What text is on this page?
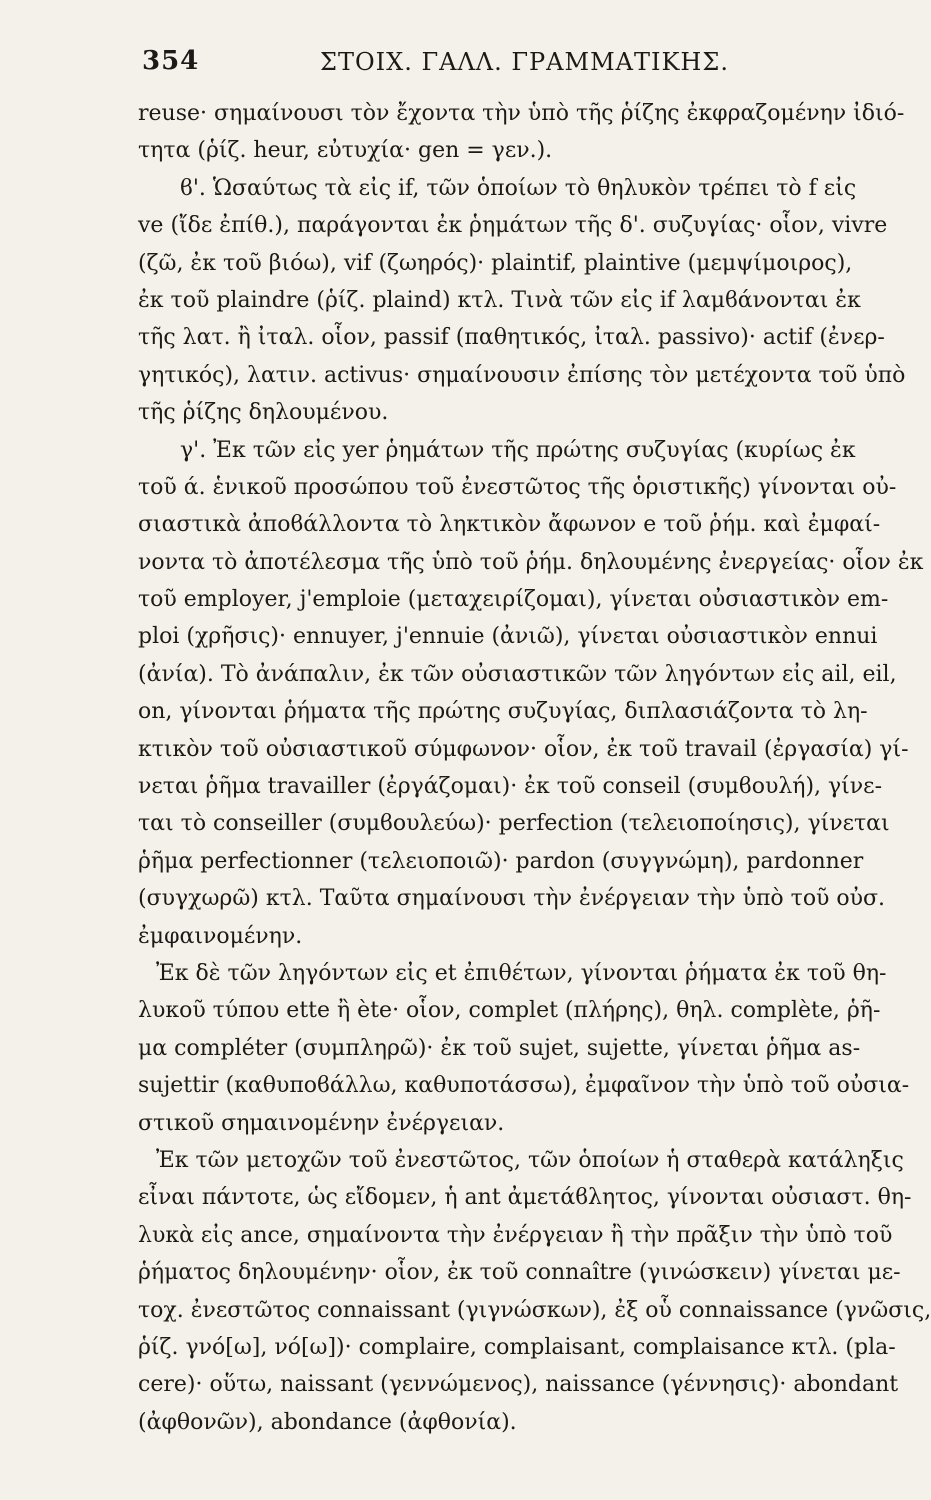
354	ΣΤΟΙΧ. ΓΑΛΛ. ΓΡΑΜΜΑΤΙΚΗΣ.
reuse· σημαίνουσι τὸν ἔχοντα τὴν ὑπὸ τῆς ῥίζης ἐκφραζομένην ἰδιό-
τητα (ῥίζ. heur, εὐτυχία· gen = γεν.).
ϐ'. Ὡσαύτως τὰ εἰς if, τῶν ὁποίων τὸ θηλυκὸν τρέπει τὸ f εἰς
ve (ἴδε ἐπίθ.), παράγονται ἐκ ῥημάτων τῆς δ'. συζυγίας· οἷον, vivre
(ζῶ, ἐκ τοῦ βιόω), vif (ζωηρός)· plaintif, plaintive (μεμψίμοιρος),
ἐκ τοῦ plaindre (ῥίζ. plaind) κτλ. Τινὰ τῶν εἰς if λαμϐάνονται ἐκ
τῆς λατ. ἢ ἰταλ. οἷον, passif (παθητικός, ἰταλ. passivo)· actif (ἐνερ-
γητικός), λατιν. activus· σημαίνουσιν ἐπίσης τὸν μετέχοντα τοῦ ὑπὸ
τῆς ῥίζης δηλουμένου.
γ'. Ἐκ τῶν εἰς yer ῥημάτων τῆς πρώτης συζυγίας (κυρίως ἐκ
τοῦ ά. ἑνικοῦ προσώπου τοῦ ἐνεστῶτος τῆς ὁριστικῆς) γίνονται οὐ-
σιαστικὰ ἀποϐάλλοντα τὸ ληκτικὸν ἄφωνον e τοῦ ῥήμ. καὶ ἐμφαί-
νοντα τὸ ἀποτέλεσμα τῆς ὑπὸ τοῦ ῥήμ. δηλουμένης ἐνεργείας· οἷον ἐκ
τοῦ employer, j'emploie (μεταχειρίζομαι), γίνεται οὐσιαστικὸν em-
ploi (χρῆσις)· ennuyer, j'ennuie (ἀνιῶ), γίνεται οὐσιαστικὸν ennui
(ἀνία). Τὸ ἀνάπαλιν, ἐκ τῶν οὐσιαστικῶν τῶν ληγόντων εἰς ail, eil,
on, γίνονται ῥήματα τῆς πρώτης συζυγίας, διπλασιάζοντα τὸ λη-
κτικὸν τοῦ οὐσιαστικοῦ σύμφωνον· οἷον, ἐκ τοῦ travail (ἐργασία) γί-
νεται ῥῆμα travailler (ἐργάζομαι)· ἐκ τοῦ conseil (συμϐουλή), γίνε-
ται τὸ conseiller (συμϐουλεύω)· perfection (τελειοποίησις), γίνεται
ῥῆμα perfectionner (τελειοποιῶ)· pardon (συγγνώμη), pardonner
(συγχωρῶ) κτλ. Ταῦτα σημαίνουσι τὴν ἐνέργειαν τὴν ὑπὸ τοῦ οὐσ.
ἐμφαινομένην.
Ἐκ δὲ τῶν ληγόντων εἰς et ἐπιθέτων, γίνονται ῥήματα ἐκ τοῦ θη-
λυκοῦ τύπου ette ἢ ète· οἷον, complet (πλήρης), θηλ. complète, ῥῆ-
μα compléter (συμπληρῶ)· ἐκ τοῦ sujet, sujette, γίνεται ῥῆμα as-
sujettir (καθυποϐάλλω, καθυποτάσσω), ἐμφαῖνον τὴν ὑπὸ τοῦ οὐσια-
στικοῦ σημαινομένην ἐνέργειαν.
Ἐκ τῶν μετοχῶν τοῦ ἐνεστῶτος, τῶν ὁποίων ἡ σταθερὰ κατάληξις
εἶναι πάντοτε, ὡς εἴδομεν, ἡ ant ἀμετάϐλητος, γίνονται οὐσιαστ. θη-
λυκὰ εἰς ance, σημαίνοντα τὴν ἐνέργειαν ἢ τὴν πρᾶξιν τὴν ὑπὸ τοῦ
ῥήματος δηλουμένην· οἷον, ἐκ τοῦ connaître (γινώσκειν) γίνεται με-
τοχ. ἐνεστῶτος connaissant (γιγνώσκων), ἐξ οὗ connaissance (γνῶσις,
ῥίζ. γνό[ω], νό[ω])· complaire, complaisant, complaisance κτλ. (pla-
cere)· οὕτω, naissant (γεννώμενος), naissance (γέννησις)· abondant
(ἀφθονῶν), abondance (ἀφθονία).
